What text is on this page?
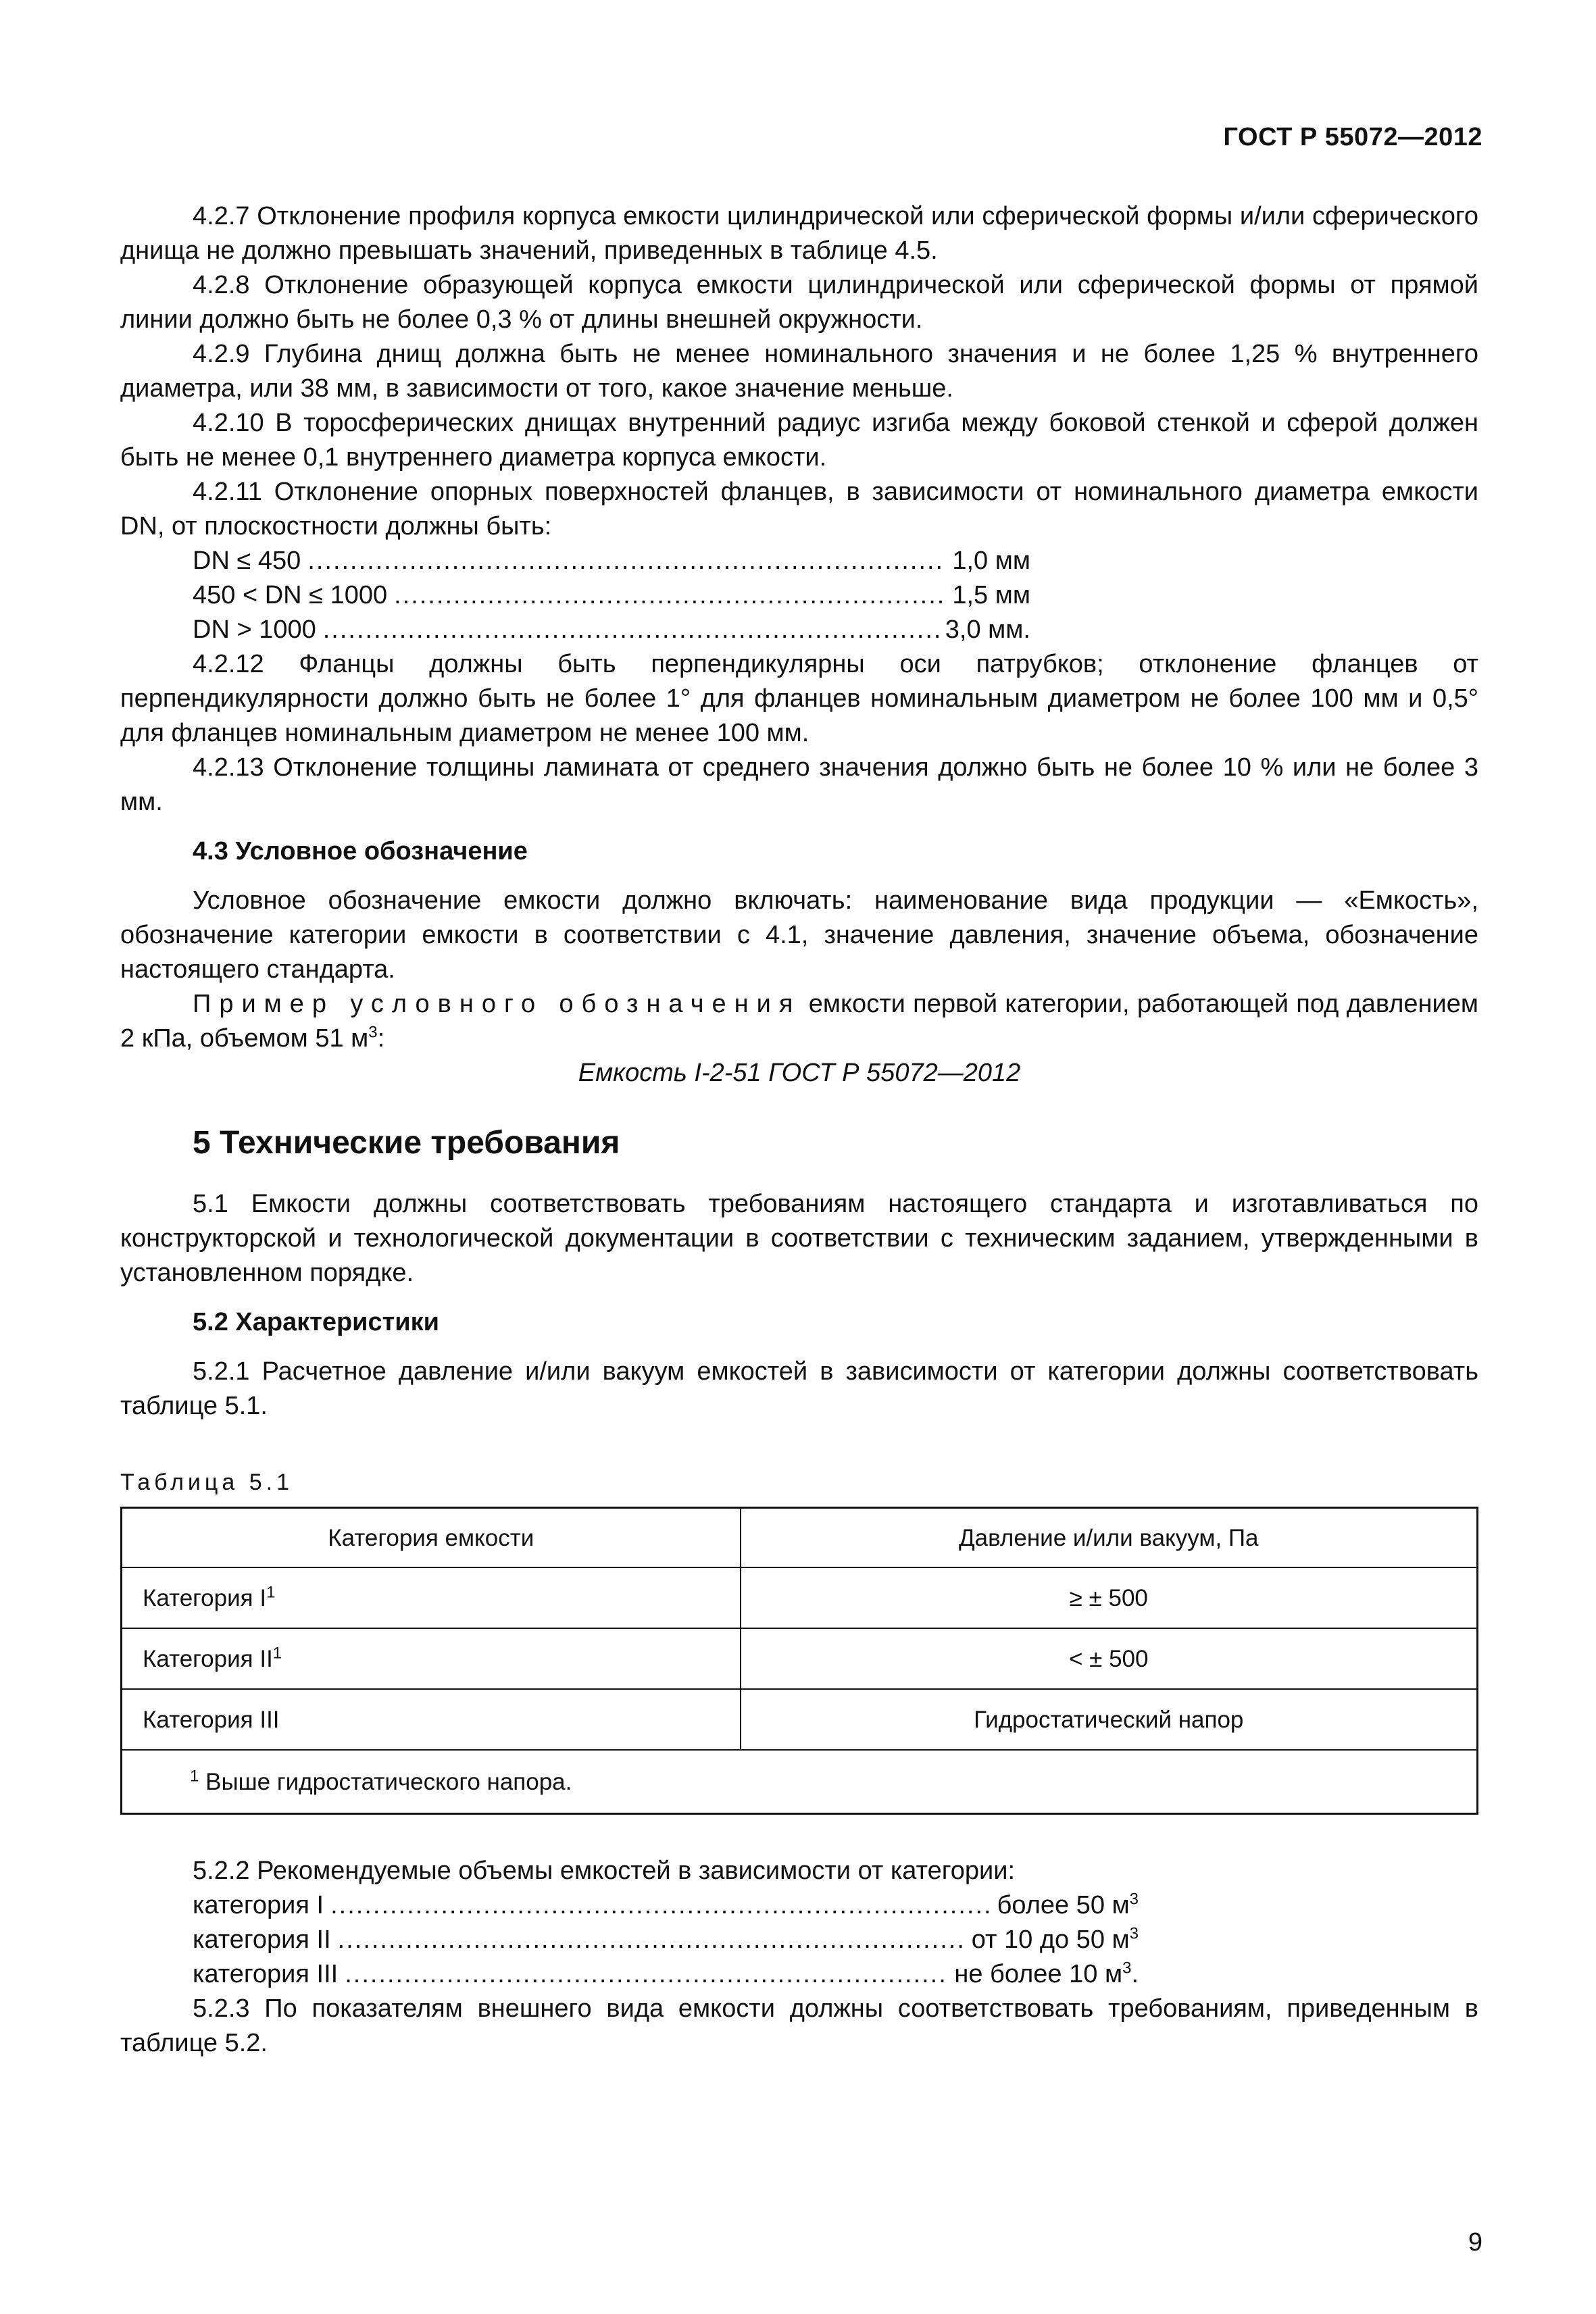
ГОСТ Р 55072—2012

4.2.7 Отклонение профиля корпуса емкости цилиндрической или сферической формы и/или сферического днища не должно превышать значений, приведенных в таблице 4.5.

4.2.8 Отклонение образующей корпуса емкости цилиндрической или сферической формы от прямой линии должно быть не более 0,3 % от длины внешней окружности.

4.2.9 Глубина днищ должна быть не менее номинального значения и не более 1,25 % внутреннего диаметра, или 38 мм, в зависимости от того, какое значение меньше.

4.2.10 В торосферических днищах внутренний радиус изгиба между боковой стенкой и сферой должен быть не менее 0,1 внутреннего диаметра корпуса емкости.

4.2.11 Отклонение опорных поверхностей фланцев, в зависимости от номинального диаметра емкости DN, от плоскостности должны быть:

DN ≤ 450 .....	1,0 мм
450 < DN ≤ 1000 .....	1,5 мм
DN > 1000 .....	3,0 мм.

4.2.12 Фланцы должны быть перпендикулярны оси патрубков; отклонение фланцев от перпендикулярности должно быть не более 1° для фланцев номинальным диаметром не более 100 мм и 0,5° для фланцев номинальным диаметром не менее 100 мм.

4.2.13 Отклонение толщины ламината от среднего значения должно быть не более 10 % или не более 3 мм.

4.3 Условное обозначение

Условное обозначение емкости должно включать: наименование вида продукции — «Емкость», обозначение категории емкости в соответствии с 4.1, значение давления, значение объема, обозначение настоящего стандарта.

Пример условного обозначения емкости первой категории, работающей под давлением 2 кПа, объемом 51 $м^3$:

Емкость I-2-51 ГОСТ Р 55072—2012

5 Технические требования

5.1 Емкости должны соответствовать требованиям настоящего стандарта и изготавливаться по конструкторской и технологической документации в соответствии с техническим заданием, утвержденными в установленном порядке.

5.2 Характеристики

5.2.1 Расчетное давление и/или вакуум емкостей в зависимости от категории должны соответствовать таблице 5.1.

Таблица 5.1
Категория емкости	Давление и/или вакуум, Па
Категория $I^1$	≥ ± 500
Категория $II^1$	< ± 500
Категория III	Гидростатический напор
$^1$ Выше гидростатического напора.	

5.2.2 Рекомендуемые объемы емкостей в зависимости от категории:

категория I .....	более 50 $м^3$
категория II .....	от 10 до 50 $м^3$
категория III .....	не более 10 $м^3$.

5.2.3 По показателям внешнего вида емкости должны соответствовать требованиям, приведенным в таблице 5.2.

9
